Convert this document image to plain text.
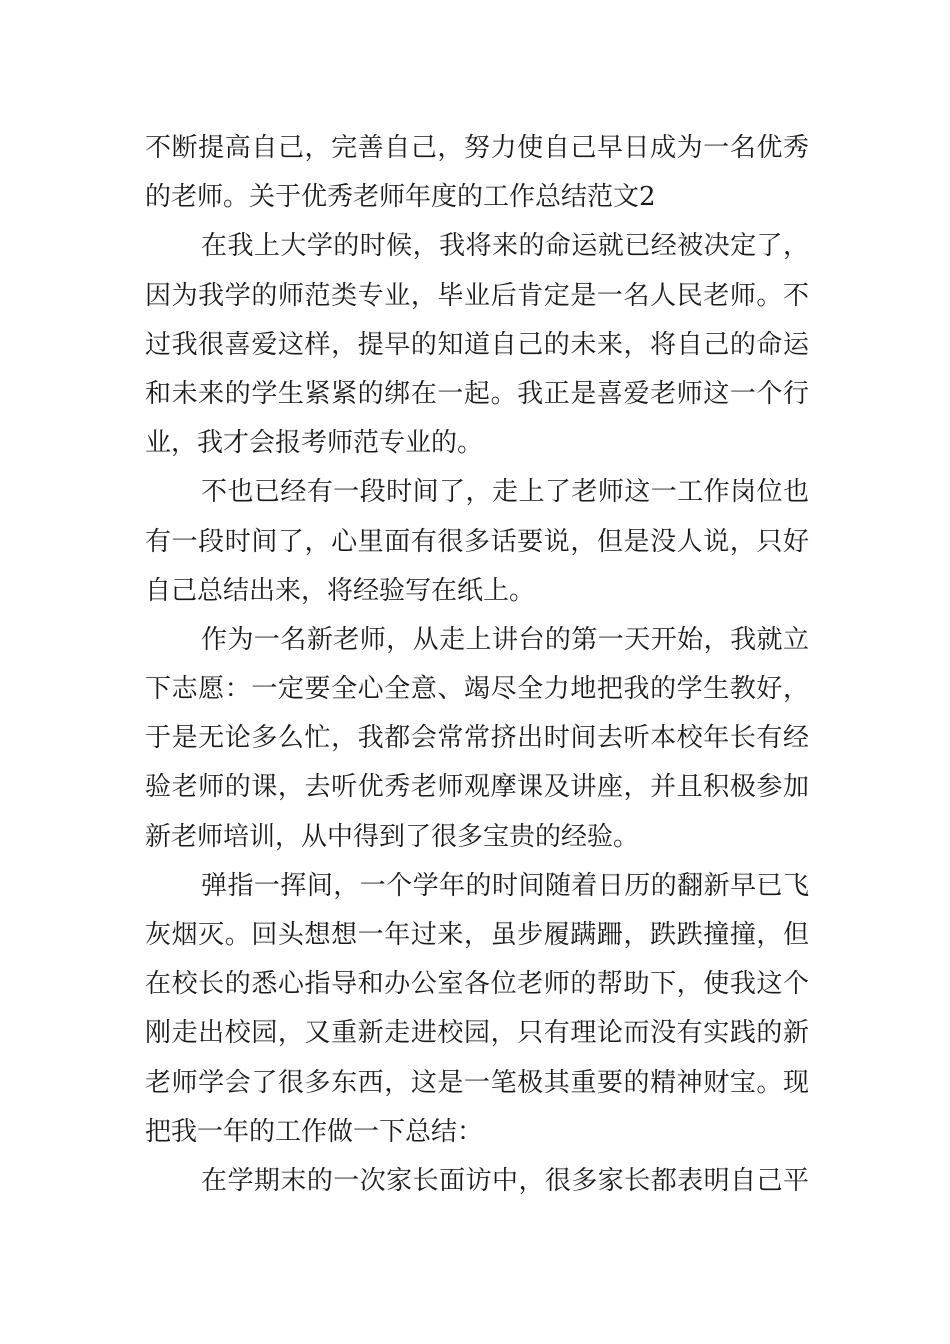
不断提高自己，完善自己，努力使自己早日成为一名优秀
的老师。关于优秀老师年度的工作总结范文2
在我上大学的时候，我将来的命运就已经被决定了，
因为我学的师范类专业，毕业后肯定是一名人民老师。不
过我很喜爱这样，提早的知道自己的未来，将自己的命运
和未来的学生紧紧的绑在一起。我正是喜爱老师这一个行
业，我才会报考师范专业的。
不也已经有一段时间了，走上了老师这一工作岗位也
有一段时间了，心里面有很多话要说，但是没人说，只好
自己总结出来，将经验写在纸上。
作为一名新老师，从走上讲台的第一天开始，我就立
下志愿：一定要全心全意、竭尽全力地把我的学生教好，
于是无论多么忙，我都会常常挤出时间去听本校年长有经
验老师的课，去听优秀老师观摩课及讲座，并且积极参加
新老师培训，从中得到了很多宝贵的经验。
弹指一挥间，一个学年的时间随着日历的翻新早已飞
灰烟灭。回头想想一年过来，虽步履蹒跚，跌跌撞撞，但
在校长的悉心指导和办公室各位老师的帮助下，使我这个
刚走出校园，又重新走进校园，只有理论而没有实践的新
老师学会了很多东西，这是一笔极其重要的精神财宝。现
把我一年的工作做一下总结：
在学期末的一次家长面访中，很多家长都表明自己平
